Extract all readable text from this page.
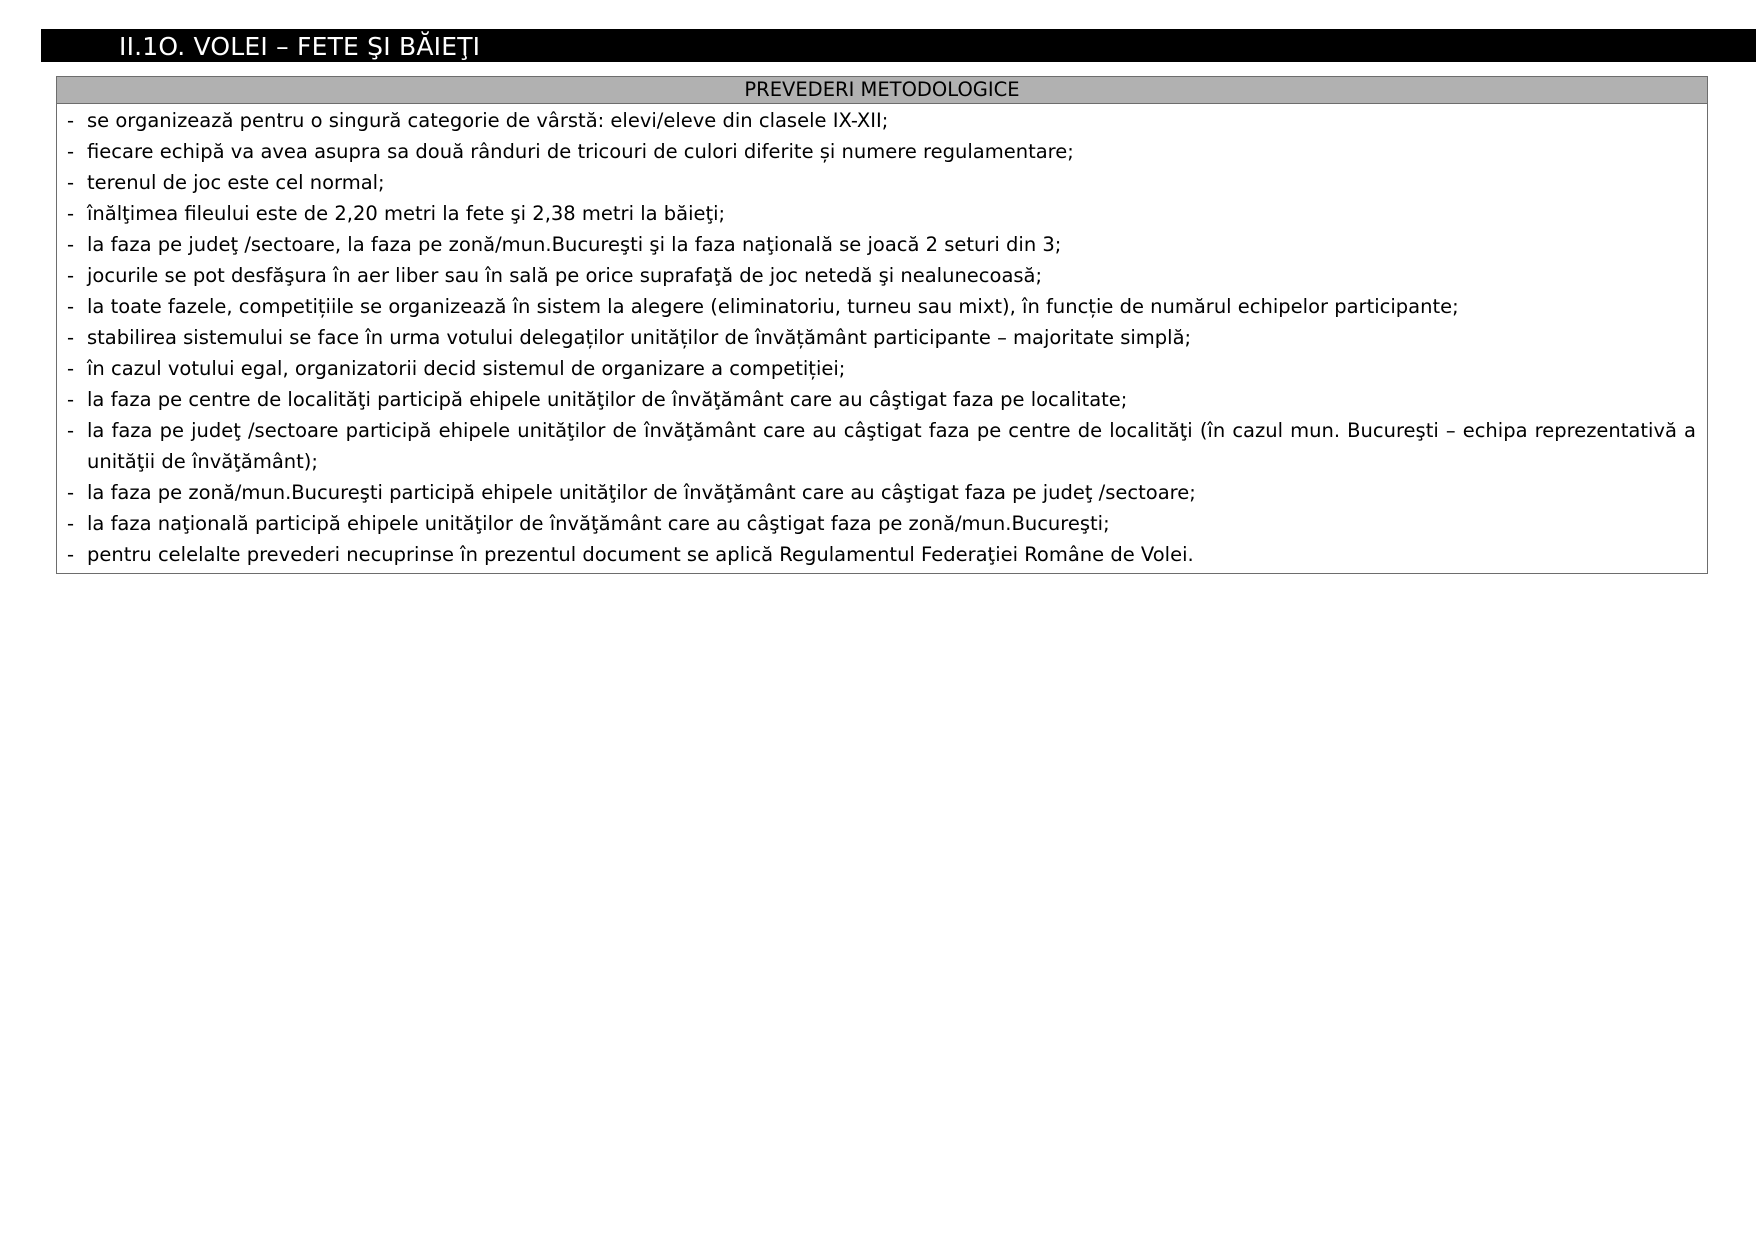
II.1O. VOLEI – FETE ŞI BĂIEŢI
PREVEDERI METODOLOGICE
- se organizează pentru o singură categorie de vârstă: elevi/eleve din clasele IX-XII;
- fiecare echipă va avea asupra sa două rânduri de tricouri de culori diferite și numere regulamentare;
- terenul de joc este cel normal;
- înălţimea fileului este de 2,20 metri la fete şi 2,38 metri la băieţi;
- la faza pe judeţ /sectoare, la faza pe zonă/mun.Bucureşti şi la faza naţională se joacă 2 seturi din 3;
- jocurile se pot desfăşura în aer liber sau în sală pe orice suprafaţă de joc netedă şi nealunecoasă;
- la toate fazele, competițiile se organizează în sistem la alegere (eliminatoriu, turneu sau mixt), în funcție de numărul echipelor participante;
- stabilirea sistemului se face în urma votului delegaților unităților de învățământ participante – majoritate simplă;
- în cazul votului egal, organizatorii decid sistemul de organizare a competiției;
- la faza pe centre de localităţi participă ehipele unităţilor de învăţământ care au câştigat faza pe localitate;
- la faza pe judeţ /sectoare participă ehipele unităţilor de învăţământ care au câştigat faza pe centre de localităţi (în cazul mun. Bucureşti – echipa reprezentativă a unităţii de învăţământ);
- la faza pe zonă/mun.Bucureşti participă ehipele unităţilor de învăţământ care au câştigat faza pe judeţ /sectoare;
- la faza naţională participă ehipele unităţilor de învăţământ care au câştigat faza pe zonă/mun.Bucureşti;
- pentru celelalte prevederi necuprinse în prezentul document se aplică Regulamentul Federaţiei Române de Volei.
